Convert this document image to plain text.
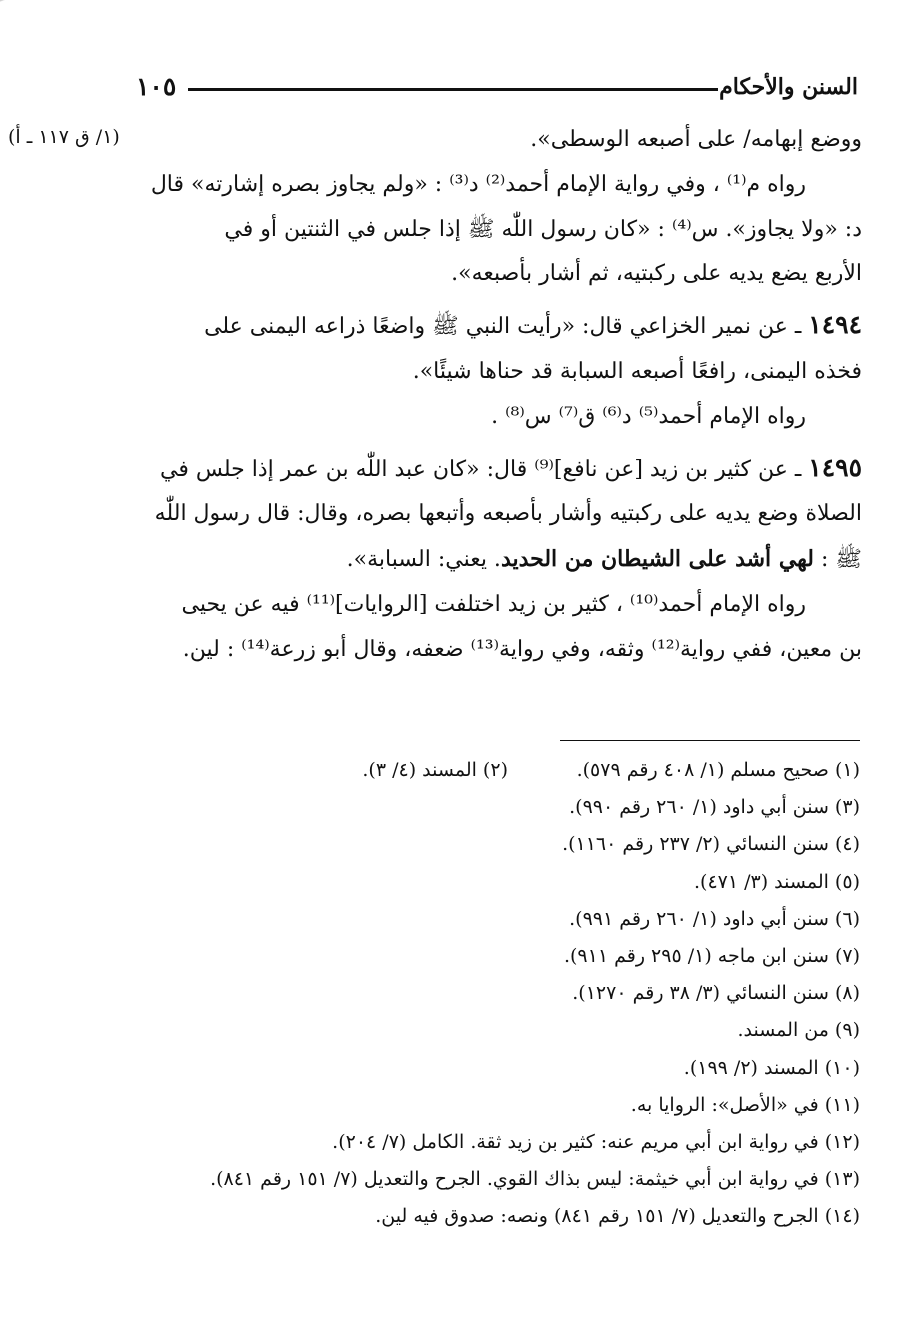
١٠٥	السنن والأحكام
(١/ ق ١١٧ ـ أ)	ووضع إبهامه/ على أصبعه الوسطى».

رواه م⁽¹⁾ ، وفي رواية الإمام أحمد⁽²⁾ د⁽³⁾ : «ولم يجاوز بصره إشارته» قال

د: «ولا يجاوز». س⁽⁴⁾ : «كان رسول اللّٰه ﷺ إذا جلس في الثنتين أو في

الأربع يضع يديه على ركبتيه، ثم أشار بأصبعه».

١٤٩٤ ـ عن نمير الخزاعي قال: «رأيت النبي ﷺ واضعًا ذراعه اليمنى على

فخذه اليمنى، رافعًا أصبعه السبابة قد حناها شيئًا».

رواه الإمام أحمد⁽⁵⁾ د⁽⁶⁾ ق⁽⁷⁾ س⁽⁸⁾ .

١٤٩٥ ـ عن كثير بن زيد [عن نافع]⁽⁹⁾ قال: «كان عبد اللّٰه بن عمر إذا جلس في

الصلاة وضع يديه على ركبتيه وأشار بأصبعه وأتبعها بصره، وقال: قال رسول اللّٰه

ﷺ : لهي أشد على الشيطان من الحديد. يعني: السبابة».

رواه الإمام أحمد⁽¹⁰⁾ ، كثير بن زيد اختلفت [الروايات]⁽¹¹⁾ فيه عن يحيى

بن معين، ففي رواية⁽¹²⁾ وثقه، وفي رواية⁽¹³⁾ ضعفه، وقال أبو زرعة⁽¹⁴⁾ : لين.

(١) صحيح مسلم (١/ ٤٠٨ رقم ٥٧٩).
(٢) المسند (٤/ ٣).
(٣) سنن أبي داود (١/ ٢٦٠ رقم ٩٩٠).
(٤) سنن النسائي (٢/ ٢٣٧ رقم ١١٦٠).
(٥) المسند (٣/ ٤٧١).
(٦) سنن أبي داود (١/ ٢٦٠ رقم ٩٩١).
(٧) سنن ابن ماجه (١/ ٢٩٥ رقم ٩١١).
(٨) سنن النسائي (٣/ ٣٨ رقم ١٢٧٠).
(٩) من المسند.
(١٠) المسند (٢/ ١٩٩).
(١١) في «الأصل»: الروايا به.
(١٢) في رواية ابن أبي مريم عنه: كثير بن زيد ثقة. الكامل (٧/ ٢٠٤).
(١٣) في رواية ابن أبي خيثمة: ليس بذاك القوي. الجرح والتعديل (٧/ ١٥١ رقم ٨٤١).
(١٤) الجرح والتعديل (٧/ ١٥١ رقم ٨٤١) ونصه: صدوق فيه لين.
